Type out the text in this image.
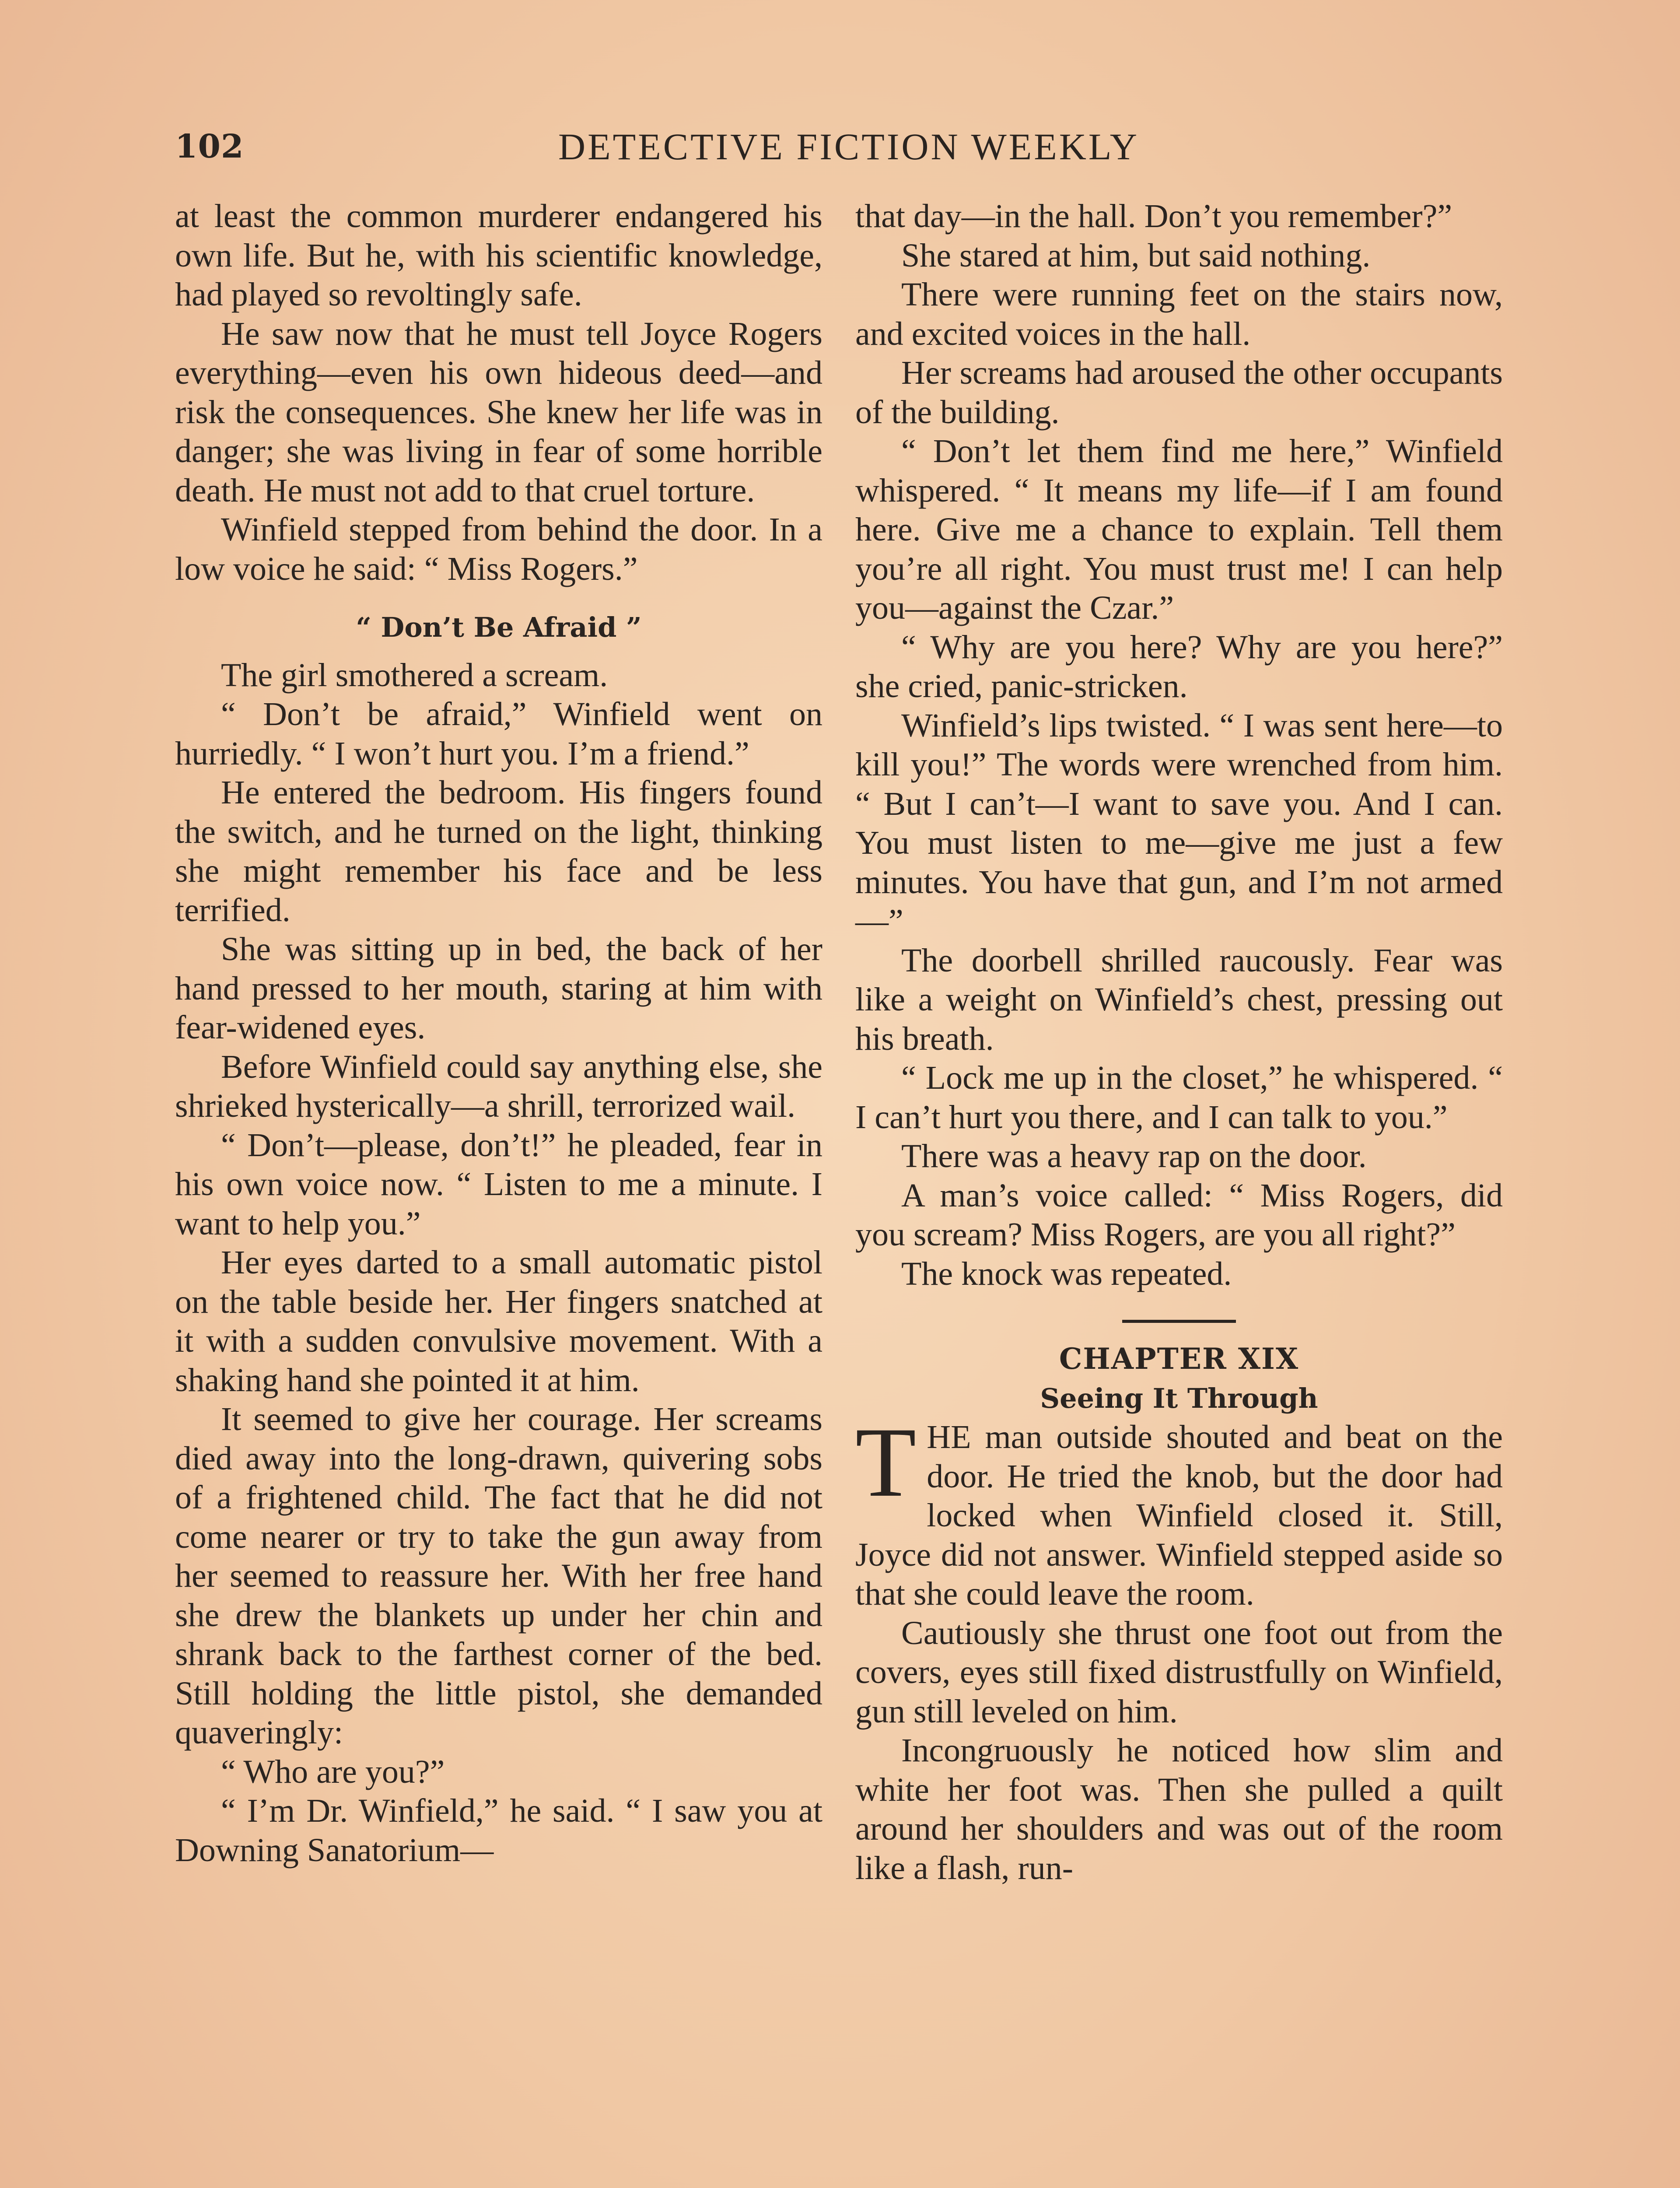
102	DETECTIVE FICTION WEEKLY

at least the common murderer endangered his own life. But he, with his scientific knowledge, had played so revoltingly safe.

He saw now that he must tell Joyce Rogers everything—even his own hideous deed—and risk the consequences. She knew her life was in danger; she was living in fear of some horrible death. He must not add to that cruel torture.

Winfield stepped from behind the door. In a low voice he said: “ Miss Rogers.”

“ Don’t Be Afraid ”

The girl smothered a scream.

“ Don’t be afraid,” Winfield went on hurriedly. “ I won’t hurt you. I’m a friend.”

He entered the bedroom. His fingers found the switch, and he turned on the light, thinking she might remember his face and be less terrified.

She was sitting up in bed, the back of her hand pressed to her mouth, staring at him with fear-widened eyes.

Before Winfield could say anything else, she shrieked hysterically—a shrill, terrorized wail.

“ Don’t—please, don’t!” he pleaded, fear in his own voice now. “ Listen to me a minute. I want to help you.”

Her eyes darted to a small automatic pistol on the table beside her. Her fingers snatched at it with a sudden convulsive movement. With a shaking hand she pointed it at him.

It seemed to give her courage. Her screams died away into the long-drawn, quivering sobs of a frightened child. The fact that he did not come nearer or try to take the gun away from her seemed to reassure her. With her free hand she drew the blankets up under her chin and shrank back to the farthest corner of the bed. Still holding the little pistol, she demanded quaveringly:

“ Who are you?”

“ I’m Dr. Winfield,” he said. “ I saw you at Downing Sanatorium—

that day—in the hall. Don’t you remember?”

She stared at him, but said nothing.

There were running feet on the stairs now, and excited voices in the hall.

Her screams had aroused the other occupants of the building.

“ Don’t let them find me here,” Winfield whispered. “ It means my life—if I am found here. Give me a chance to explain. Tell them you’re all right. You must trust me! I can help you—against the Czar.”

“ Why are you here? Why are you here?” she cried, panic-stricken.

Winfield’s lips twisted. “ I was sent here—to kill you!” The words were wrenched from him. “ But I can’t—I want to save you. And I can. You must listen to me—give me just a few minutes. You have that gun, and I’m not armed—”

The doorbell shrilled raucously. Fear was like a weight on Winfield’s chest, pressing out his breath.

“ Lock me up in the closet,” he whispered. “ I can’t hurt you there, and I can talk to you.”

There was a heavy rap on the door.

A man’s voice called: “ Miss Rogers, did you scream? Miss Rogers, are you all right?”

The knock was repeated.

CHAPTER XIX

Seeing It Through

THE man outside shouted and beat on the door. He tried the knob, but the door had locked when Winfield closed it. Still, Joyce did not answer. Winfield stepped aside so that she could leave the room.

Cautiously she thrust one foot out from the covers, eyes still fixed distrustfully on Winfield, gun still leveled on him.

Incongruously he noticed how slim and white her foot was. Then she pulled a quilt around her shoulders and was out of the room like a flash, run-
